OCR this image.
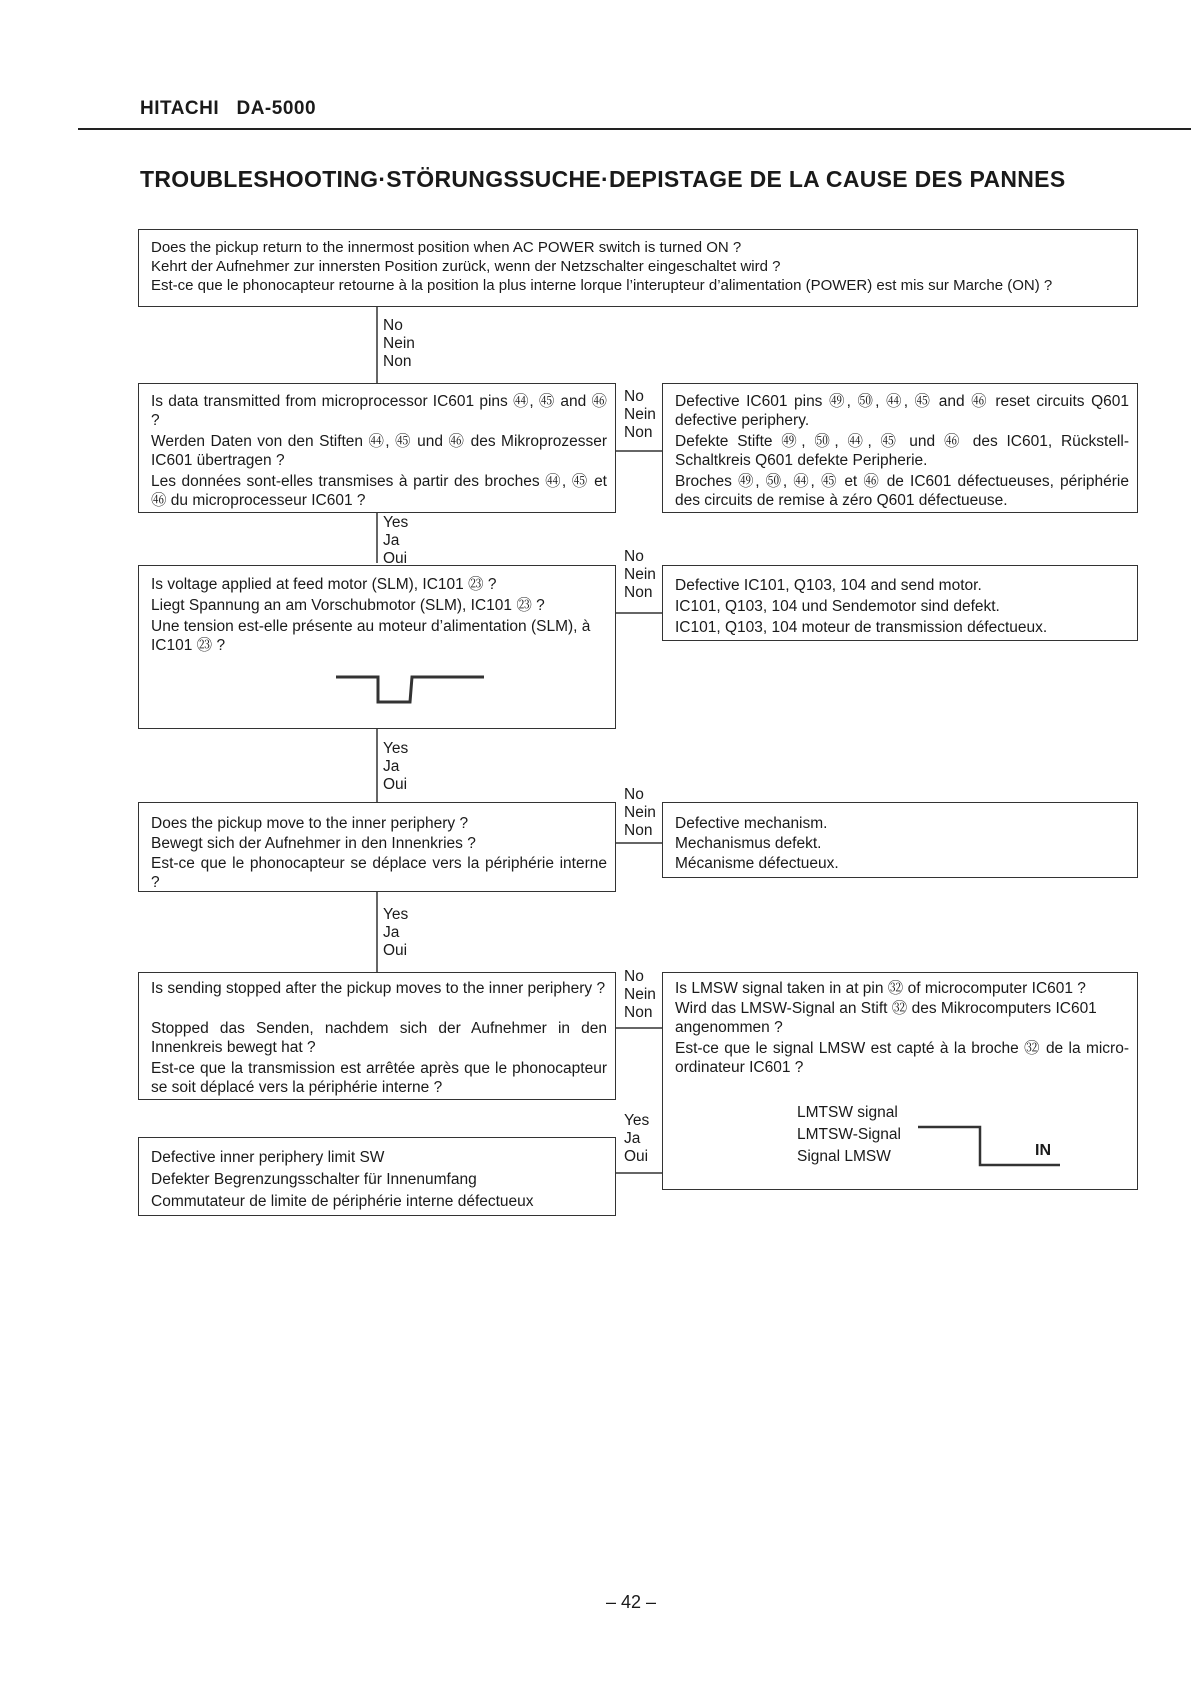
HITACHI DA-5000
TROUBLESHOOTING·STÖRUNGSSUCHE·DEPISTAGE DE LA CAUSE DES PANNES
Does the pickup return to the innermost position when AC POWER switch is turned ON ?
Kehrt der Aufnehmer zur innersten Position zurück, wenn der Netzschalter eingeschaltet wird ?
Est-ce que le phonocapteur retourne à la position la plus interne lorque l’interupteur d’alimentation (POWER) est mis sur Marche (ON) ?
No
Nein
Non
Is data transmitted from microprocessor IC601 pins ㊹, ㊺ and ㊻ ?
Werden Daten von den Stiften ㊹, ㊺ und ㊻ des Mikroprozesser IC601 übertragen ?
Les données sont-elles transmises à partir des broches ㊹, ㊺ et ㊻ du microprocesseur IC601 ?
No
Nein
Non
Defective IC601 pins ㊾, ㊿, ㊹, ㊺ and ㊻ reset circuits Q601 defective periphery.
Defekte Stifte ㊾, ㊿, ㊹, ㊺ und ㊻ des IC601, Rückstell-Schaltkreis Q601 defekte Peripherie.
Broches ㊾, ㊿, ㊹, ㊺ et ㊻ de IC601 défectueuses, périphérie des circuits de remise à zéro Q601 défectueuse.
Yes
Ja
Oui
Is voltage applied at feed motor (SLM), IC101 ㉓ ?
Liegt Spannung an am Vorschubmotor (SLM), IC101 ㉓ ?
Une tension est-elle présente au moteur d’alimentation (SLM), à IC101 ㉓ ?
No
Nein
Non Defective IC101, Q103, 104 and send motor.
IC101, Q103, 104 und Sendemotor sind defekt.
IC101, Q103, 104 moteur de transmission défectueux.
Yes
Ja
Oui
Does the pickup move to the inner periphery ?
Bewegt sich der Aufnehmer in den Innenkries ?
Est-ce que le phonocapteur se déplace vers la périphérie interne ?
No
Nein
Non Defective mechanism.
Mechanismus defekt.
Mécanisme défectueux.
Yes
Ja
Oui
Is sending stopped after the pickup moves to the inner periphery ?
Stopped das Senden, nachdem sich der Aufnehmer in den Innenkreis bewegt hat ?
Est-ce que la transmission est arrêtée après que le phonocapteur se soit déplacé vers la périphérie interne ?
No
Nein
Non
Is LMSW signal taken in at pin ㉜ of microcomputer IC601 ?
Wird das LMSW-Signal an Stift ㉜ des Mikrocomputers IC601 angenommen ?
Est-ce que le signal LMSW est capté à la broche ㉜ de la micro-ordinateur IC601 ?
LMTSW signal
LMTSW-Signal
Signal LMSW	IN
Yes
Ja
Oui
Defective inner periphery limit SW
Defekter Begrenzungsschalter für Innenumfang
Commutateur de limite de périphérie interne défectueux
– 42 –
